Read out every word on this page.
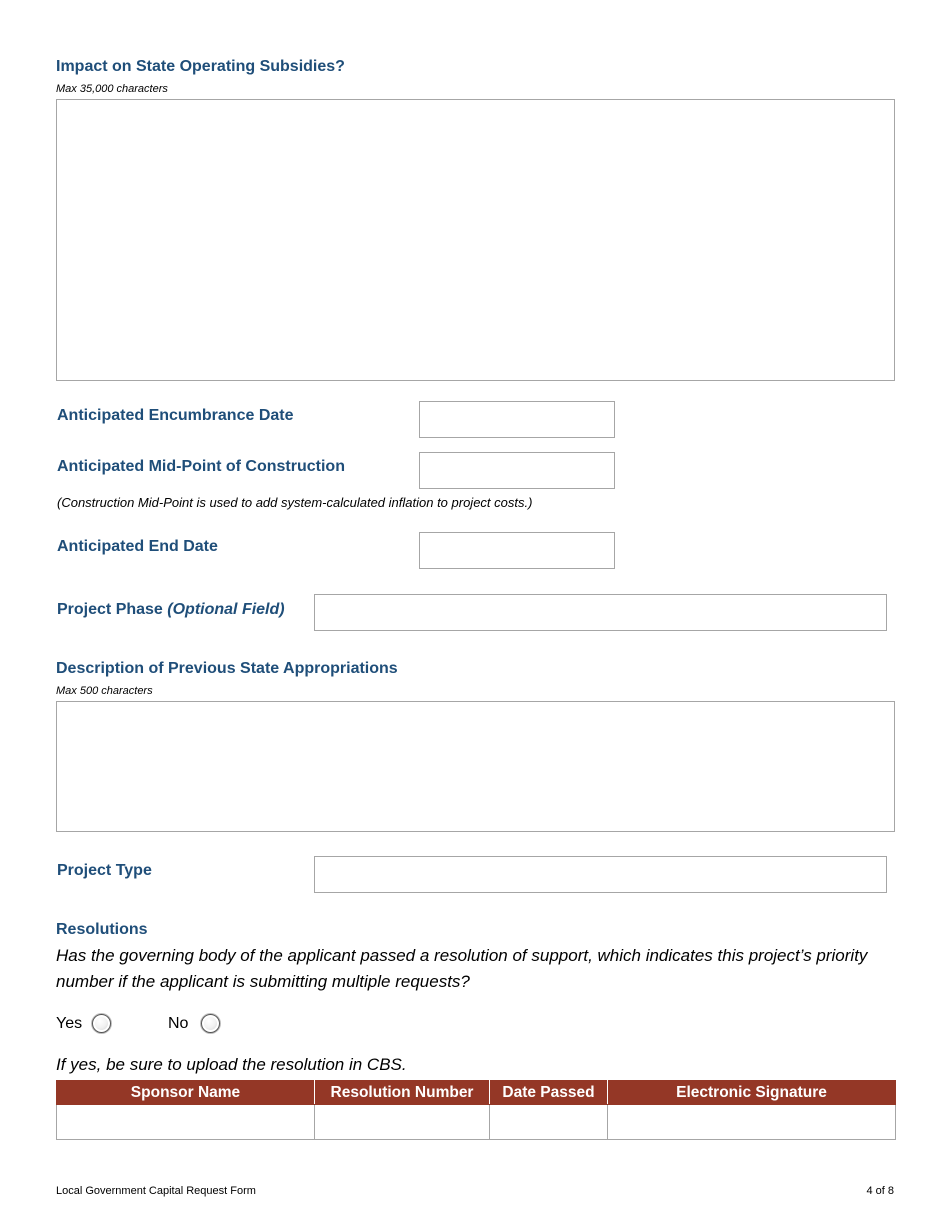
Impact on State Operating Subsidies?
Max 35,000 characters
Anticipated Encumbrance Date
Anticipated Mid-Point of Construction
(Construction Mid-Point is used to add system-calculated inflation to project costs.)
Anticipated End Date
Project Phase (Optional Field)
Description of Previous State Appropriations
Max 500 characters
Project Type
Resolutions
Has the governing body of the applicant passed a resolution of support, which indicates this project’s priority number if the applicant is submitting multiple requests?
Yes	No
If yes, be sure to upload the resolution in CBS.
Sponsor Name	Resolution Number	Date Passed	Electronic Signature

Local Government Capital Request Form	4 of 8
